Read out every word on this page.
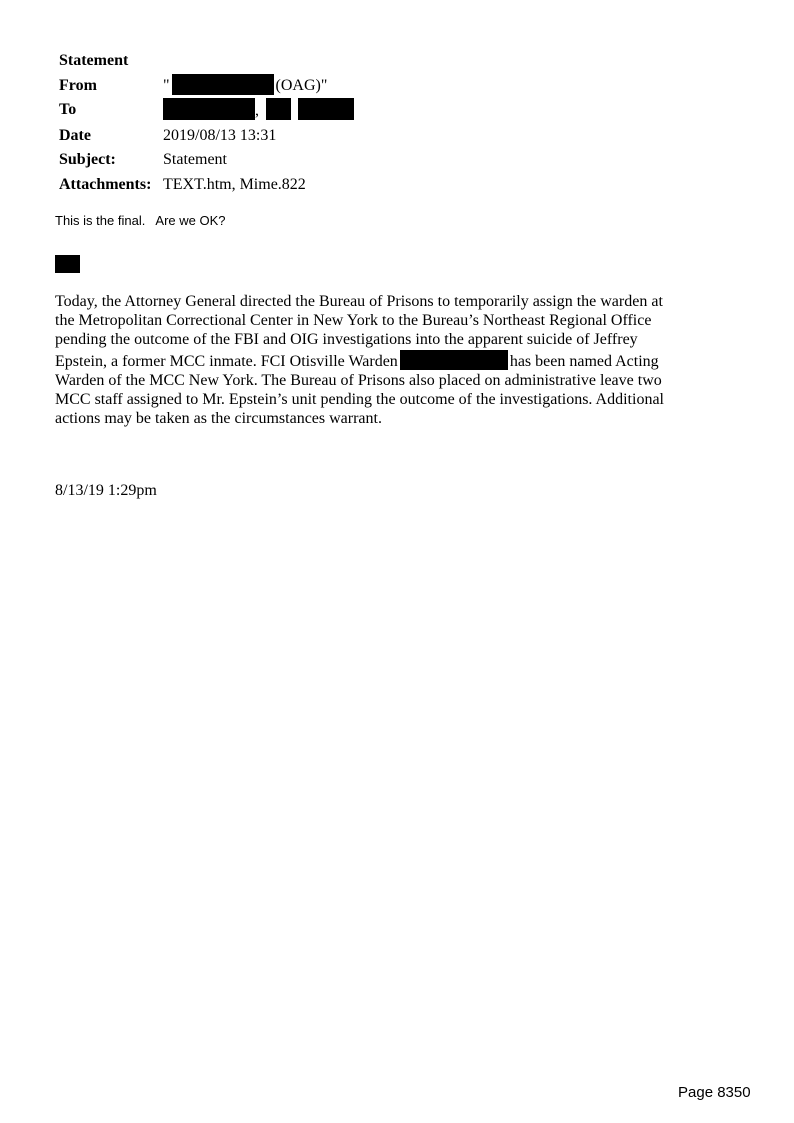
Statement	
From	" (OAG)"
To	,
Date	2019/08/13 13:31
Subject:	Statement
Attachments:	TEXT.htm, Mime.822
This is the final.   Are we OK?
Today, the Attorney General directed the Bureau of Prisons to temporarily assign the warden at
the Metropolitan Correctional Center in New York to the Bureau’s Northeast Regional Office
pending the outcome of the FBI and OIG investigations into the apparent suicide of Jeffrey
Epstein, a former MCC inmate. FCI Otisville Warden	has been named Acting
Warden of the MCC New York. The Bureau of Prisons also placed on administrative leave two
MCC staff assigned to Mr. Epstein’s unit pending the outcome of the investigations. Additional
actions may be taken as the circumstances warrant.
8/13/19 1:29pm
Page 8350
